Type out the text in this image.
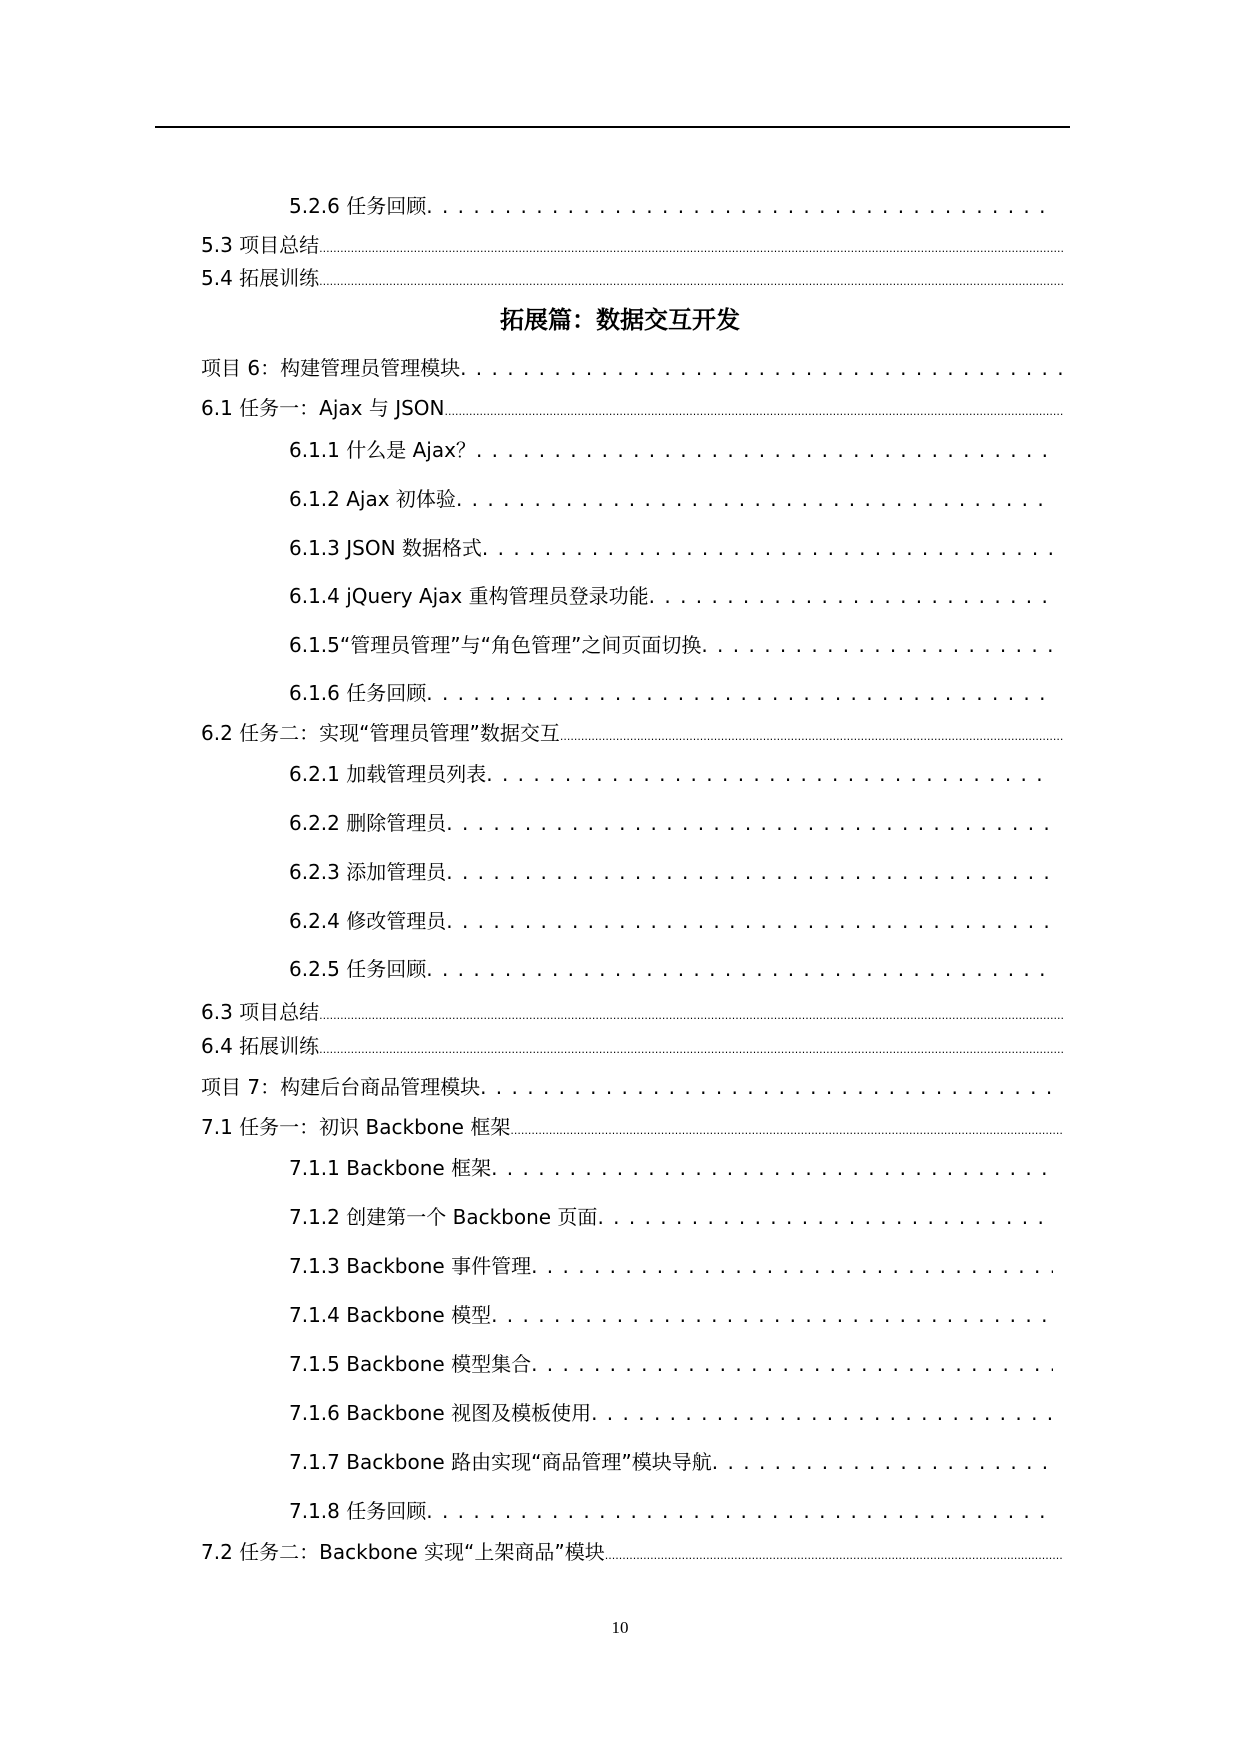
5.2.6 任务回顾
. . .
5.3 项目总结
.....
5.4 拓展训练
.....
拓展篇：数据交互开发
项目 6：构建管理员管理模块
. . .
6.1 任务一：Ajax 与 JSON
.....
6.1.1 什么是 Ajax？
. . .
6.1.2 Ajax 初体验
. . .
6.1.3 JSON 数据格式
. . .
6.1.4 jQuery Ajax 重构管理员登录功能
. . .
6.1.5“管理员管理”与“角色管理”之间页面切换
. . .
6.1.6 任务回顾
. . .
6.2 任务二：实现“管理员管理”数据交互
.....
6.2.1 加载管理员列表
. . .
6.2.2 删除管理员
. . .
6.2.3 添加管理员
. . .
6.2.4 修改管理员
. . .
6.2.5 任务回顾
. . .
6.3 项目总结
.....
6.4 拓展训练
.....
项目 7：构建后台商品管理模块
. . .
7.1 任务一：初识 Backbone 框架
.....
7.1.1 Backbone 框架
. . .
7.1.2 创建第一个 Backbone 页面
. . .
7.1.3 Backbone 事件管理
. . .
7.1.4 Backbone 模型
. . .
7.1.5 Backbone 模型集合
. . .
7.1.6 Backbone 视图及模板使用
. . .
7.1.7 Backbone 路由实现“商品管理”模块导航
. . .
7.1.8 任务回顾
. . .
7.2 任务二：Backbone 实现“上架商品”模块
.....
10
